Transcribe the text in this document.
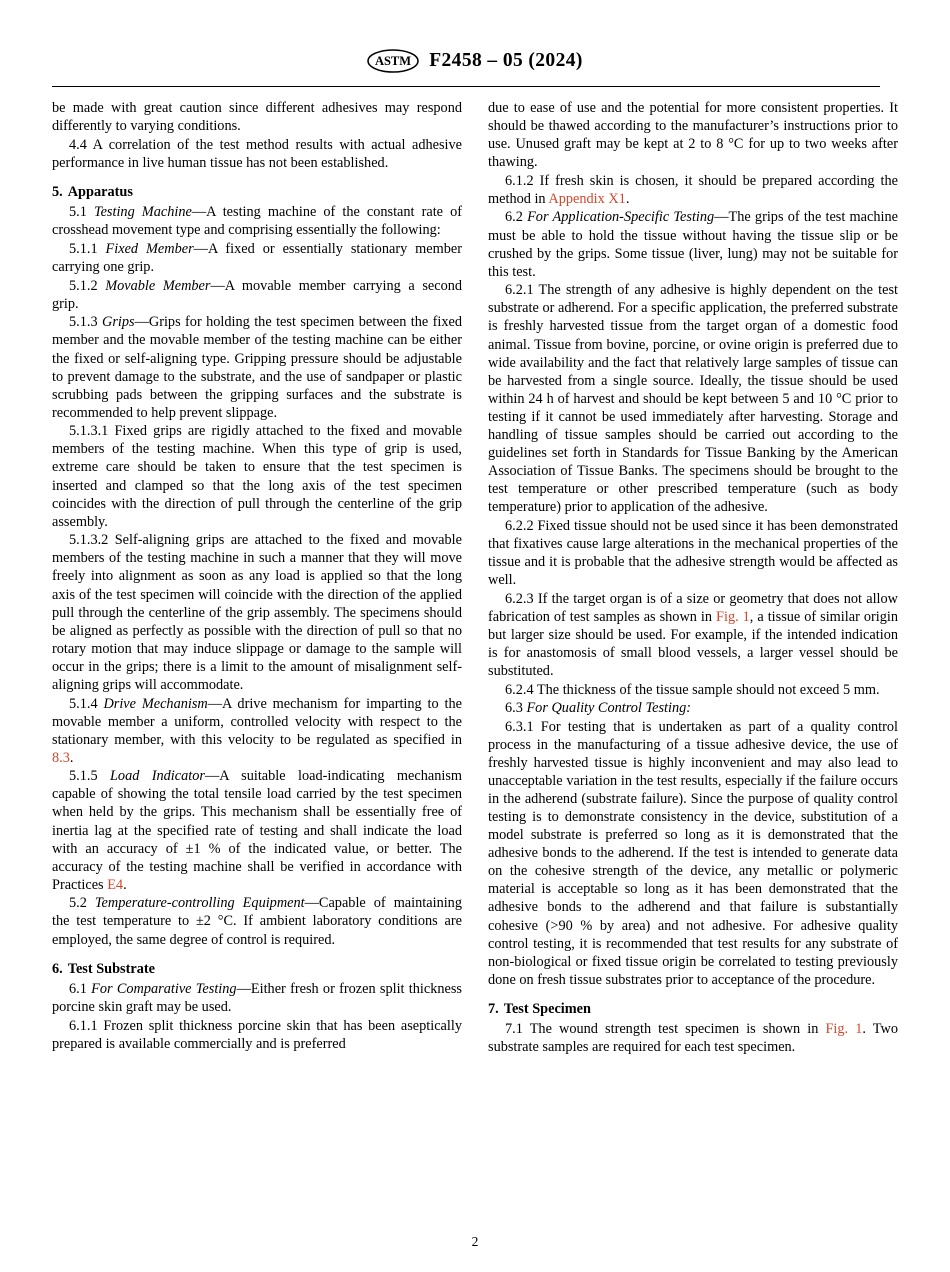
ASTM F2458 – 05 (2024)

be made with great caution since different adhesives may respond differently to varying conditions.

4.4 A correlation of the test method results with actual adhesive performance in live human tissue has not been established.

5. Apparatus

5.1 Testing Machine—A testing machine of the constant rate of crosshead movement type and comprising essentially the following:

5.1.1 Fixed Member—A fixed or essentially stationary member carrying one grip.

5.1.2 Movable Member—A movable member carrying a second grip.

5.1.3 Grips—Grips for holding the test specimen between the fixed member and the movable member of the testing machine can be either the fixed or self-aligning type. Gripping pressure should be adjustable to prevent damage to the substrate, and the use of sandpaper or plastic scrubbing pads between the gripping surfaces and the substrate is recommended to help prevent slippage.

5.1.3.1 Fixed grips are rigidly attached to the fixed and movable members of the testing machine. When this type of grip is used, extreme care should be taken to ensure that the test specimen is inserted and clamped so that the long axis of the test specimen coincides with the direction of pull through the centerline of the grip assembly.

5.1.3.2 Self-aligning grips are attached to the fixed and movable members of the testing machine in such a manner that they will move freely into alignment as soon as any load is applied so that the long axis of the test specimen will coincide with the direction of the applied pull through the centerline of the grip assembly. The specimens should be aligned as perfectly as possible with the direction of pull so that no rotary motion that may induce slippage or damage to the sample will occur in the grips; there is a limit to the amount of misalignment self-aligning grips will accommodate.

5.1.4 Drive Mechanism—A drive mechanism for imparting to the movable member a uniform, controlled velocity with respect to the stationary member, with this velocity to be regulated as specified in 8.3.

5.1.5 Load Indicator—A suitable load-indicating mechanism capable of showing the total tensile load carried by the test specimen when held by the grips. This mechanism shall be essentially free of inertia lag at the specified rate of testing and shall indicate the load with an accuracy of ±1 % of the indicated value, or better. The accuracy of the testing machine shall be verified in accordance with Practices E4.

5.2 Temperature-controlling Equipment—Capable of maintaining the test temperature to ±2 °C. If ambient laboratory conditions are employed, the same degree of control is required.

6. Test Substrate

6.1 For Comparative Testing—Either fresh or frozen split thickness porcine skin graft may be used.

6.1.1 Frozen split thickness porcine skin that has been aseptically prepared is available commercially and is preferred

due to ease of use and the potential for more consistent properties. It should be thawed according to the manufacturer’s instructions prior to use. Unused graft may be kept at 2 to 8 °C for up to two weeks after thawing.

6.1.2 If fresh skin is chosen, it should be prepared according the method in Appendix X1.

6.2 For Application-Specific Testing—The grips of the test machine must be able to hold the tissue without having the tissue slip or be crushed by the grips. Some tissue (liver, lung) may not be suitable for this test.

6.2.1 The strength of any adhesive is highly dependent on the test substrate or adherend. For a specific application, the preferred substrate is freshly harvested tissue from the target organ of a domestic food animal. Tissue from bovine, porcine, or ovine origin is preferred due to wide availability and the fact that relatively large samples of tissue can be harvested from a single source. Ideally, the tissue should be used within 24 h of harvest and should be kept between 5 and 10 °C prior to testing if it cannot be used immediately after harvesting. Storage and handling of tissue samples should be carried out according to the guidelines set forth in Standards for Tissue Banking by the American Association of Tissue Banks. The specimens should be brought to the test temperature or other prescribed temperature (such as body temperature) prior to application of the adhesive.

6.2.2 Fixed tissue should not be used since it has been demonstrated that fixatives cause large alterations in the mechanical properties of the tissue and it is probable that the adhesive strength would be affected as well.

6.2.3 If the target organ is of a size or geometry that does not allow fabrication of test samples as shown in Fig. 1, a tissue of similar origin but larger size should be used. For example, if the intended indication is for anastomosis of small blood vessels, a larger vessel should be substituted.

6.2.4 The thickness of the tissue sample should not exceed 5 mm.

6.3 For Quality Control Testing:

6.3.1 For testing that is undertaken as part of a quality control process in the manufacturing of a tissue adhesive device, the use of freshly harvested tissue is highly inconvenient and may also lead to unacceptable variation in the test results, especially if the failure occurs in the adherend (substrate failure). Since the purpose of quality control testing is to demonstrate consistency in the device, substitution of a model substrate is preferred so long as it is demonstrated that the adhesive bonds to the adherend. If the test is intended to generate data on the cohesive strength of the device, any metallic or polymeric material is acceptable so long as it has been demonstrated that the adhesive bonds to the adherend and that failure is substantially cohesive (>90 % by area) and not adhesive. For adhesive quality control testing, it is recommended that test results for any substrate of non-biological or fixed tissue origin be correlated to testing previously done on fresh tissue substrates prior to acceptance of the procedure.

7. Test Specimen

7.1 The wound strength test specimen is shown in Fig. 1. Two substrate samples are required for each test specimen.

2
